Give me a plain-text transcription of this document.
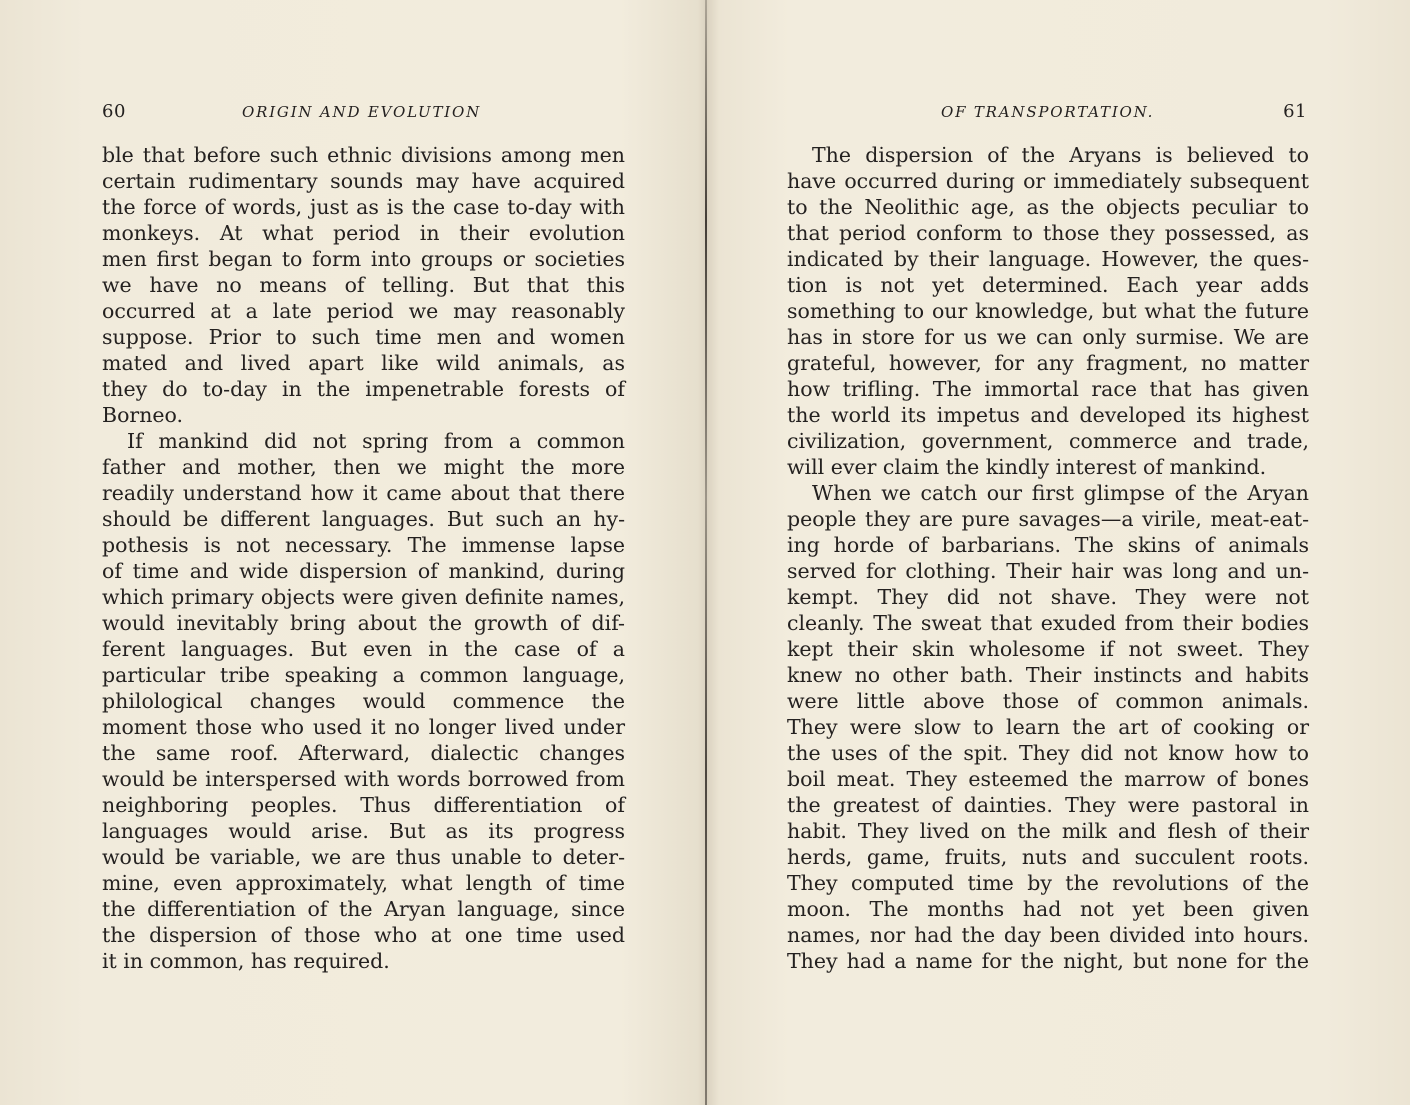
60	ORIGIN AND EVOLUTION
ble that before such ethnic divisions among men
certain rudimentary sounds may have acquired
the force of words, just as is the case to-day with
monkeys. At what period in their evolution
men first began to form into groups or societies
we have no means of telling. But that this
occurred at a late period we may reasonably
suppose. Prior to such time men and women
mated and lived apart like wild animals, as
they do to-day in the impenetrable forests of
Borneo.
If mankind did not spring from a common
father and mother, then we might the more
readily understand how it came about that there
should be different languages. But such an hy-
pothesis is not necessary. The immense lapse
of time and wide dispersion of mankind, during
which primary objects were given definite names,
would inevitably bring about the growth of dif-
ferent languages. But even in the case of a
particular tribe speaking a common language,
philological changes would commence the
moment those who used it no longer lived under
the same roof. Afterward, dialectic changes
would be interspersed with words borrowed from
neighboring peoples. Thus differentiation of
languages would arise. But as its progress
would be variable, we are thus unable to deter-
mine, even approximately, what length of time
the differentiation of the Aryan language, since
the dispersion of those who at one time used
it in common, has required.
OF TRANSPORTATION.	61
The dispersion of the Aryans is believed to
have occurred during or immediately subsequent
to the Neolithic age, as the objects peculiar to
that period conform to those they possessed, as
indicated by their language. However, the ques-
tion is not yet determined. Each year adds
something to our knowledge, but what the future
has in store for us we can only surmise. We are
grateful, however, for any fragment, no matter
how trifling. The immortal race that has given
the world its impetus and developed its highest
civilization, government, commerce and trade,
will ever claim the kindly interest of mankind.
When we catch our first glimpse of the Aryan
people they are pure savages—a virile, meat-eat-
ing horde of barbarians. The skins of animals
served for clothing. Their hair was long and un-
kempt. They did not shave. They were not
cleanly. The sweat that exuded from their bodies
kept their skin wholesome if not sweet. They
knew no other bath. Their instincts and habits
were little above those of common animals.
They were slow to learn the art of cooking or
the uses of the spit. They did not know how to
boil meat. They esteemed the marrow of bones
the greatest of dainties. They were pastoral in
habit. They lived on the milk and flesh of their
herds, game, fruits, nuts and succulent roots.
They computed time by the revolutions of the
moon. The months had not yet been given
names, nor had the day been divided into hours.
They had a name for the night, but none for the
